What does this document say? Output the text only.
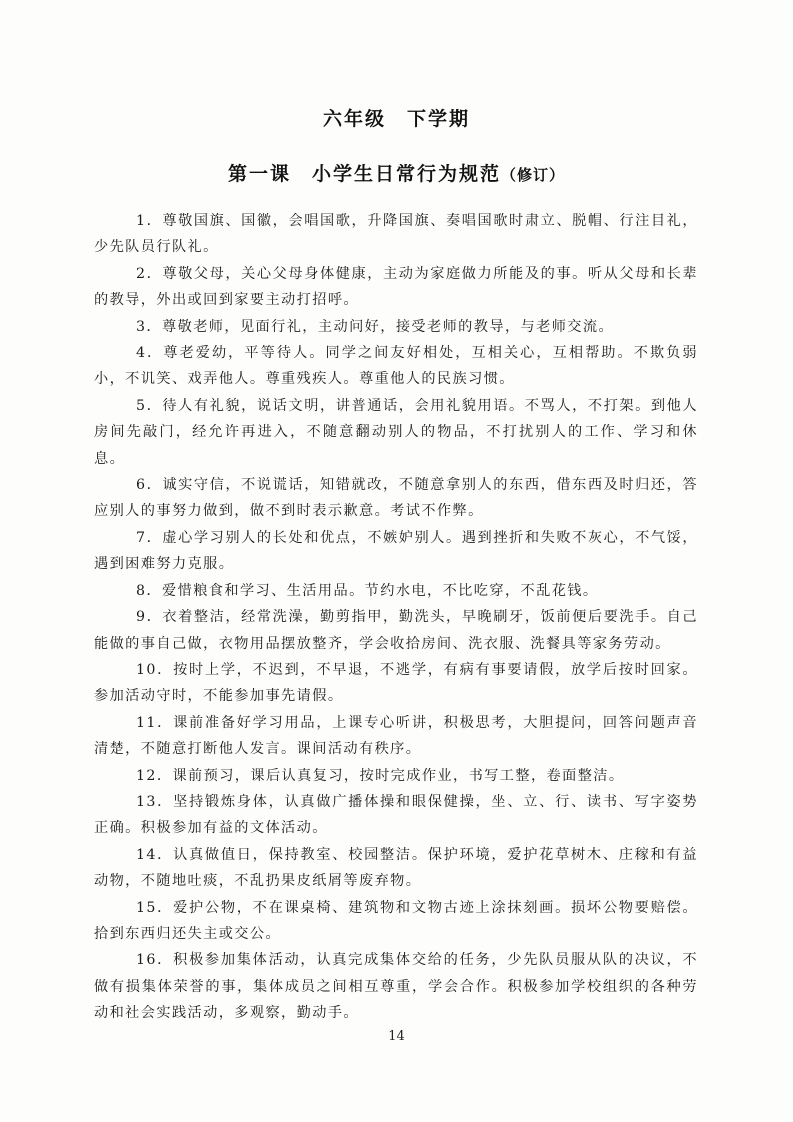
六年级　下学期
第一课　小学生日常行为规范（修订）

1．尊敬国旗、国徽，会唱国歌，升降国旗、奏唱国歌时肃立、脱帽、行注目礼，少先队员行队礼。

2．尊敬父母，关心父母身体健康，主动为家庭做力所能及的事。听从父母和长辈的教导，外出或回到家要主动打招呼。

3．尊敬老师，见面行礼，主动问好，接受老师的教导，与老师交流。

4．尊老爱幼，平等待人。同学之间友好相处，互相关心，互相帮助。不欺负弱小，不讥笑、戏弄他人。尊重残疾人。尊重他人的民族习惯。

5．待人有礼貌，说话文明，讲普通话，会用礼貌用语。不骂人，不打架。到他人房间先敲门，经允许再进入，不随意翻动别人的物品，不打扰别人的工作、学习和休息。

6．诚实守信，不说谎话，知错就改，不随意拿别人的东西，借东西及时归还，答应别人的事努力做到，做不到时表示歉意。考试不作弊。

7．虚心学习别人的长处和优点，不嫉妒别人。遇到挫折和失败不灰心，不气馁，遇到困难努力克服。

8．爱惜粮食和学习、生活用品。节约水电，不比吃穿，不乱花钱。

9．衣着整洁，经常洗澡，勤剪指甲，勤洗头，早晚刷牙，饭前便后要洗手。自己能做的事自己做，衣物用品摆放整齐，学会收拾房间、洗衣服、洗餐具等家务劳动。

10．按时上学，不迟到，不早退，不逃学，有病有事要请假，放学后按时回家。参加活动守时，不能参加事先请假。

11．课前准备好学习用品，上课专心听讲，积极思考，大胆提问，回答问题声音清楚，不随意打断他人发言。课间活动有秩序。

12．课前预习，课后认真复习，按时完成作业，书写工整，卷面整洁。

13．坚持锻炼身体，认真做广播体操和眼保健操，坐、立、行、读书、写字姿势正确。积极参加有益的文体活动。

14．认真做值日，保持教室、校园整洁。保护环境，爱护花草树木、庄稼和有益动物，不随地吐痰，不乱扔果皮纸屑等废弃物。

15．爱护公物，不在课桌椅、建筑物和文物古迹上涂抹刻画。损坏公物要赔偿。拾到东西归还失主或交公。

16．积极参加集体活动，认真完成集体交给的任务，少先队员服从队的决议，不做有损集体荣誉的事，集体成员之间相互尊重，学会合作。积极参加学校组织的各种劳动和社会实践活动，多观察，勤动手。

14
